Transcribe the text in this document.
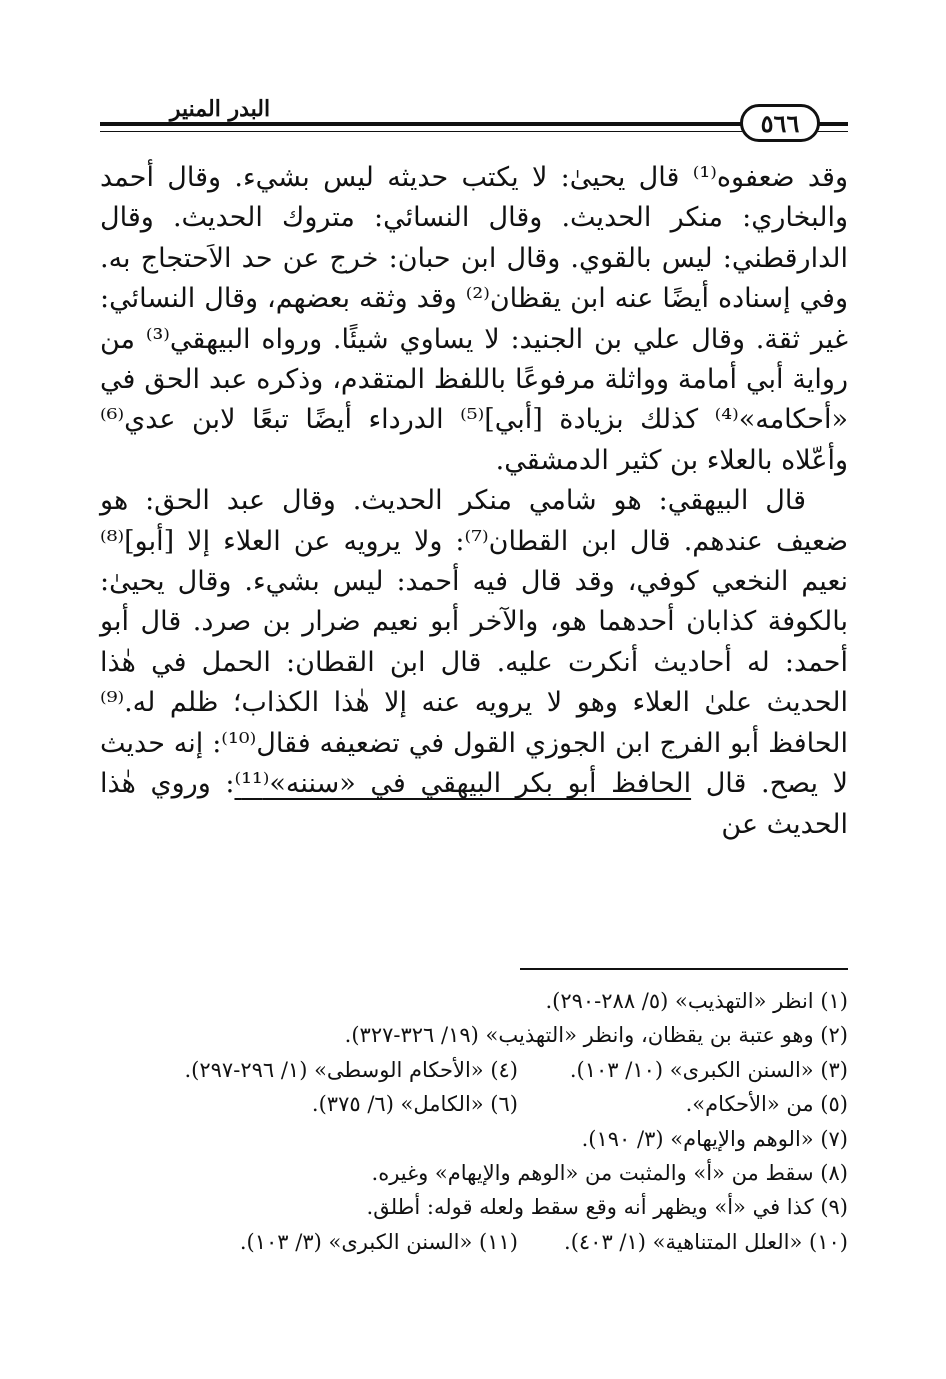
٥٦٦
البدر المنير

وقد ضعفوه⁽¹⁾ قال يحيىٰ: لا يكتب حديثه ليس بشيء. وقال أحمد والبخاري: منكر الحديث. وقال النسائي: متروك الحديث. وقال الدارقطني: ليس بالقوي. وقال ابن حبان: خرج عن حد الاَحتجاج به. وفي إسناده أيضًا عنه ابن يقظان⁽²⁾ وقد وثقه بعضهم، وقال النسائي: غير ثقة. وقال علي بن الجنيد: لا يساوي شيئًا. ورواه البيهقي⁽³⁾ من رواية أبي أمامة وواثلة مرفوعًا باللفظ المتقدم، وذكره عبد الحق في «أحكامه»⁽⁴⁾ كذلك بزيادة [أبي]⁽⁵⁾ الدرداء أيضًا تبعًا لابن عدي⁽⁶⁾ وأعّلاه بالعلاء بن كثير الدمشقي.

قال البيهقي: هو شامي منكر الحديث. وقال عبد الحق: هو ضعيف عندهم. قال ابن القطان⁽⁷⁾: ولا يرويه عن العلاء إلا [أبو]⁽⁸⁾ نعيم النخعي كوفي، وقد قال فيه أحمد: ليس بشيء. وقال يحيىٰ: بالكوفة كذابان أحدهما هو، والآخر أبو نعيم ضرار بن صرد. قال أبو أحمد: له أحاديث أنكرت عليه. قال ابن القطان: الحمل في هٰذا الحديث علىٰ العلاء وهو لا يرويه عنه إلا هٰذا الكذاب؛ ظلم له.⁽⁹⁾ الحافظ أبو الفرج ابن الجوزي القول في تضعيفه فقال⁽¹⁰⁾: إنه حديث لا يصح. قال الحافظ أبو بكر البيهقي في «سننه»⁽¹¹⁾: وروي هٰذا الحديث عن

(١) انظر «التهذيب» (٥/ ٢٨٨-٢٩٠).
(٢) وهو عتبة بن يقظان، وانظر «التهذيب» (١٩/ ٣٢٦-٣٢٧).
(٣) «السنن الكبرى» (١٠/ ١٠٣).
(٤) «الأحكام الوسطى» (١/ ٢٩٦-٢٩٧).
(٥) من «الأحكام».
(٦) «الكامل» (٦/ ٣٧٥).
(٧) «الوهم والإيهام» (٣/ ١٩٠).
(٨) سقط من «أ» والمثبت من «الوهم والإيهام» وغيره.
(٩) كذا في «أ» ويظهر أنه وقع سقط ولعله قوله: أطلق.
(١٠) «العلل المتناهية» (١/ ٤٠٣).
(١١) «السنن الكبرى» (٣/ ١٠٣).
